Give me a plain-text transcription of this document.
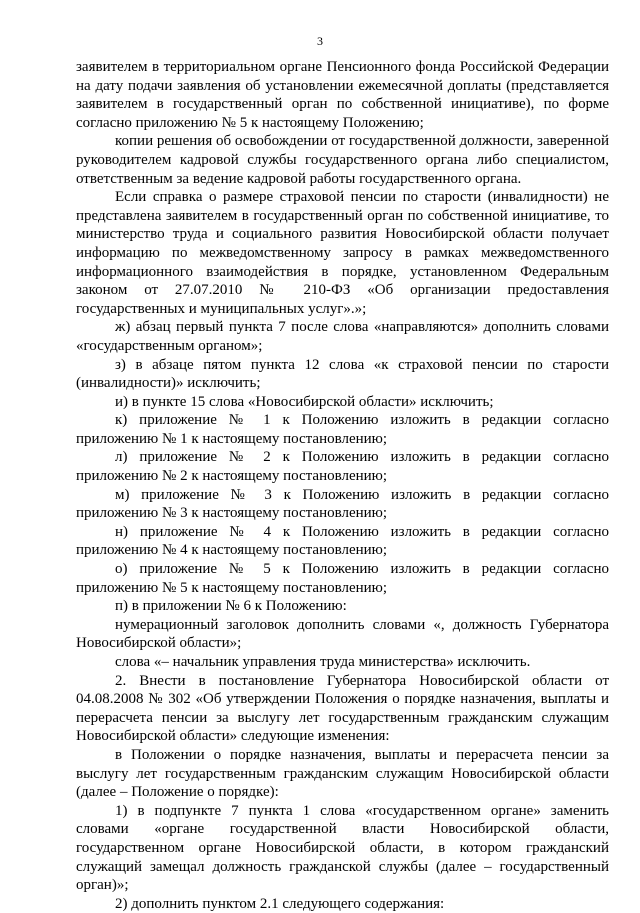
3

заявителем в территориальном органе Пенсионного фонда Российской Федерации на дату подачи заявления об установлении ежемесячной доплаты (представляется заявителем в государственный орган по собственной инициативе), по форме согласно приложению № 5 к настоящему Положению;

копии решения об освобождении от государственной должности, заверенной руководителем кадровой службы государственного органа либо специалистом, ответственным за ведение кадровой работы государственного органа.

Если справка о размере страховой пенсии по старости (инвалидности) не представлена заявителем в государственный орган по собственной инициативе, то министерство труда и социального развития Новосибирской области получает информацию по межведомственному запросу в рамках межведомственного информационного взаимодействия в порядке, установленном Федеральным законом от 27.07.2010 № 210-ФЗ «Об организации предоставления государственных и муниципальных услуг».»;

ж) абзац первый пункта 7 после слова «направляются» дополнить словами «государственным органом»;

з) в абзаце пятом пункта 12 слова «к страховой пенсии по старости (инвалидности)» исключить;

и) в пункте 15 слова «Новосибирской области» исключить;

к) приложение № 1 к Положению изложить в редакции согласно приложению № 1 к настоящему постановлению;

л) приложение № 2 к Положению изложить в редакции согласно приложению № 2 к настоящему постановлению;

м) приложение № 3 к Положению изложить в редакции согласно приложению № 3 к настоящему постановлению;

н) приложение № 4 к Положению изложить в редакции согласно приложению № 4 к настоящему постановлению;

о) приложение № 5 к Положению изложить в редакции согласно приложению № 5 к настоящему постановлению;

п) в приложении № 6 к Положению:

нумерационный заголовок дополнить словами «, должность Губернатора Новосибирской области»;

слова «– начальник управления труда министерства» исключить.

2. Внести в постановление Губернатора Новосибирской области от 04.08.2008 № 302 «Об утверждении Положения о порядке назначения, выплаты и перерасчета пенсии за выслугу лет государственным гражданским служащим Новосибирской области» следующие изменения:

в Положении о порядке назначения, выплаты и перерасчета пенсии за выслугу лет государственным гражданским служащим Новосибирской области (далее – Положение о порядке):

1) в подпункте 7 пункта 1 слова «государственном органе» заменить словами «органе государственной власти Новосибирской области, государственном органе Новосибирской области, в котором гражданский служащий замещал должность гражданской службы (далее – государственный орган)»;

2) дополнить пунктом 2.1 следующего содержания:
